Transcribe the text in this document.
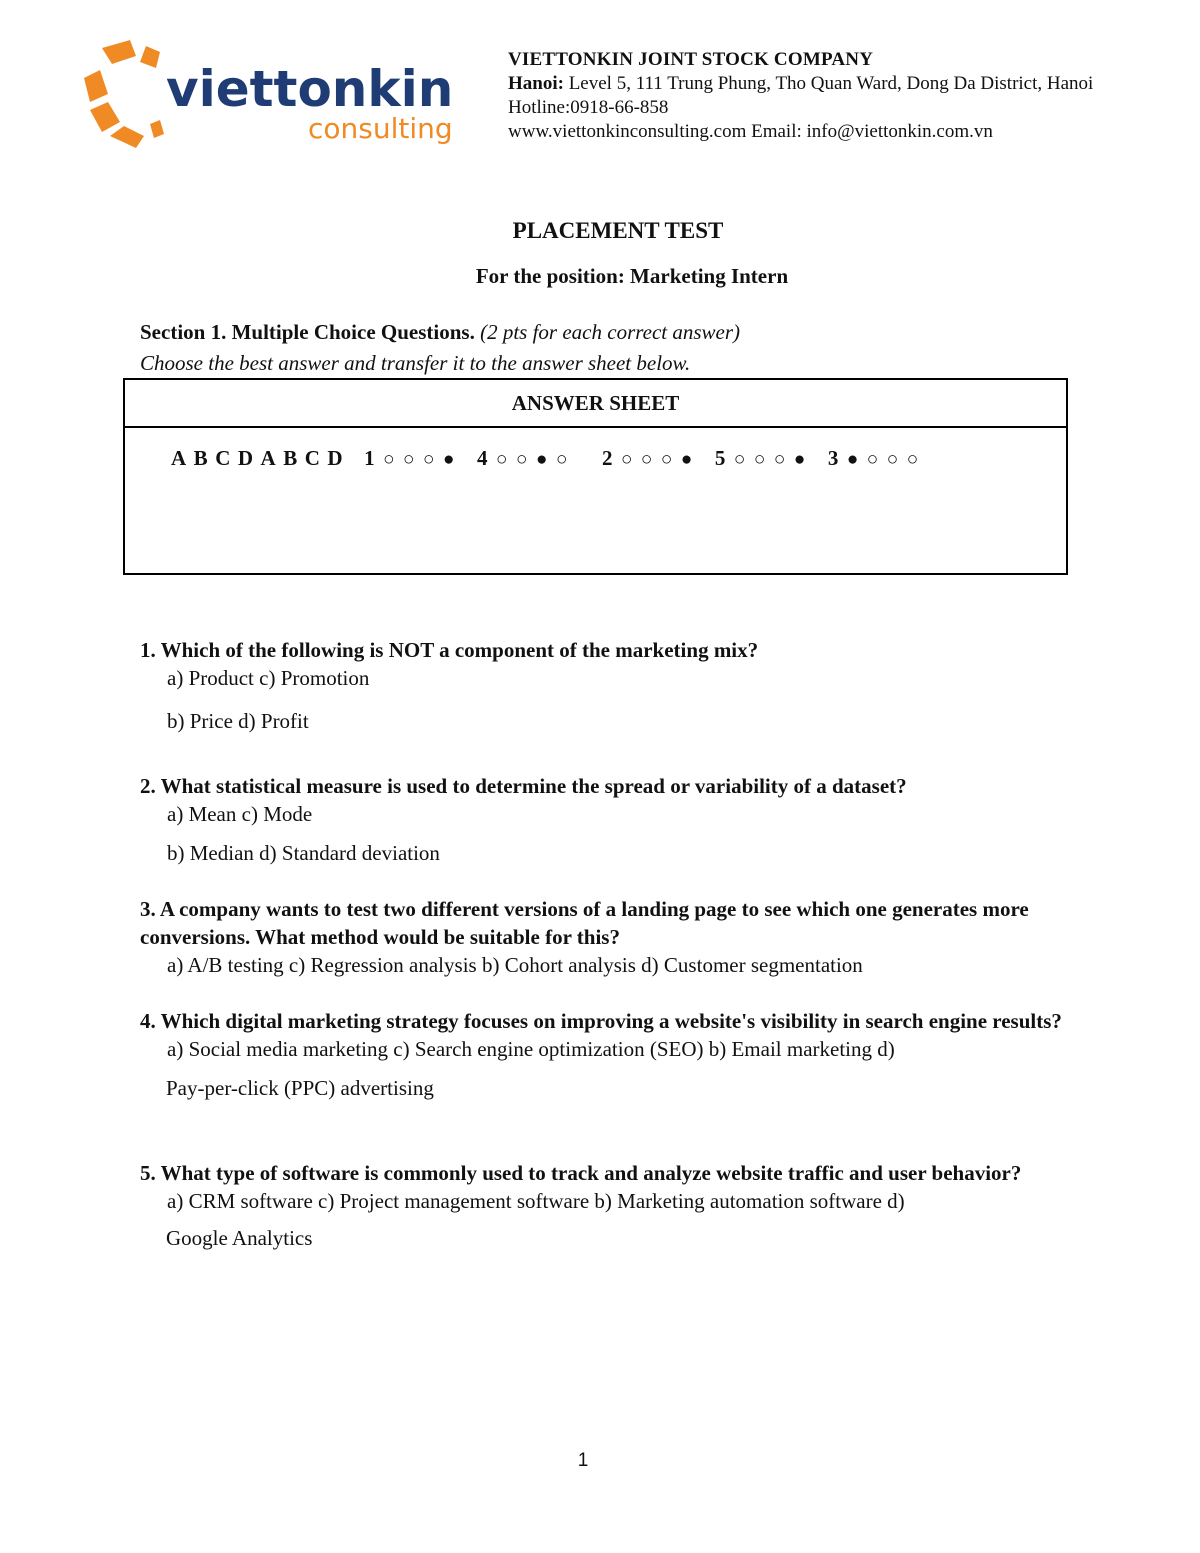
viettonkin
consulting
VIETTONKIN JOINT STOCK COMPANY
Hanoi: Level 5, 111 Trung Phung, Tho Quan Ward, Dong Da District, Hanoi
Hotline:0918-66-858
www.viettonkinconsulting.com Email: info@viettonkin.com.vn
PLACEMENT TEST
For the position: Marketing Intern
Section 1. Multiple Choice Questions. (2 pts for each correct answer)
Choose the best answer and transfer it to the answer sheet below.
ANSWER SHEET
A B C D A B C D 1 ○ ○ ○ ● 4 ○ ○ ● ○ 2 ○ ○ ○ ● 5 ○ ○ ○ ● 3 ● ○ ○ ○
1. Which of the following is NOT a component of the marketing mix?
a) Product c) Promotion
b) Price d) Profit
2. What statistical measure is used to determine the spread or variability of a dataset?
a) Mean c) Mode
b) Median d) Standard deviation
3. A company wants to test two different versions of a landing page to see which one generates more conversions. What method would be suitable for this?
a) A/B testing c) Regression analysis b) Cohort analysis d) Customer segmentation
4. Which digital marketing strategy focuses on improving a website's visibility in search engine results?
a) Social media marketing c) Search engine optimization (SEO) b) Email marketing d)
Pay-per-click (PPC) advertising
5. What type of software is commonly used to track and analyze website traffic and user behavior?
a) CRM software c) Project management software b) Marketing automation software d)
Google Analytics
1
